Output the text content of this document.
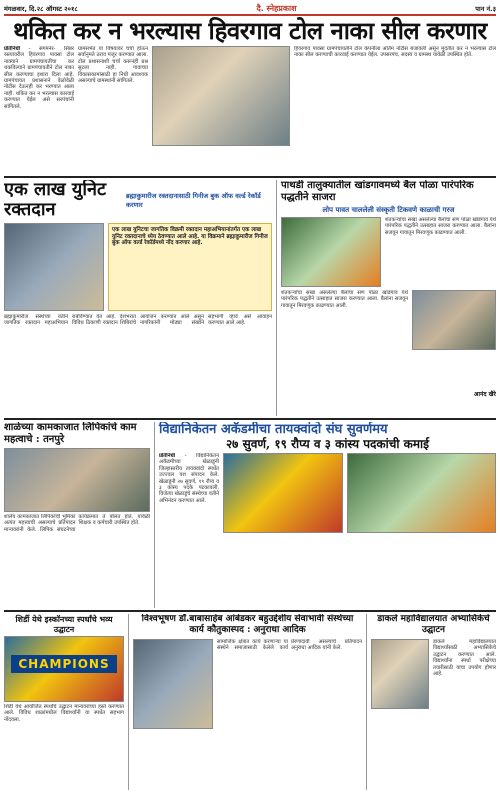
मंगळवार, दि.२८ ऑगस्ट २०१८	दै. स्नेहप्रकाश	पान नं.३
थकित कर न भरल्यास हिवरगाव टोल नाका सील करणार
प्रतिनिधी - संगमनेर- सिन्नर रस्त्यावरील हिवरगाव पावसा टोल नाक्याने ग्रामपंचायतीचा कर थकविल्याने ग्रामपंचायतीने टोल नाका सील करण्याचा इशारा दिला आहे. ग्रामपंचायत प्रशासनाने वेळोवेळी नोटीस देऊनही कर भरण्यात आला नाही. थकित कर न भरल्यास कारवाई करण्यात येईल असे सरपंचांनी सांगितले.
ग्रामसभेत या विषयावर चर्चा होऊन सर्वानुमते ठराव मंजूर करण्यात आला. टोल प्रशासनाशी चर्चा करूनही प्रश्न सुटला नाही. गावाच्या विकासकामांसाठी हा निधी आवश्यक असल्याचे ग्रामस्थांनी सांगितले.
हिवरगाव पावसा ग्रामपंचायतीने टोल कंपनीला अंतिम नोटीस बजावली असून मुदतीत कर न भरल्यास टोल नाका सील करण्याची कारवाई करण्यात येईल. उपसरपंच, सदस्य व ग्रामस्थ यावेळी उपस्थित होते.
एक लाख युनिट रक्तदान
ब्रह्माकुमारीज रक्तदानासाठी गिनीज बुक ऑफ वर्ल्ड रेकॉर्ड करणार
एक लाख युनिटचा जागतिक विक्रमी रक्तदान महाअभियानांतर्गत एक लाख युनिट रक्तदानाचे ध्येय ठेवण्यात आले आहे. या विक्रमाने ब्रह्माकुमारीज गिनीज बुक ऑफ वर्ल्ड रेकॉर्डमध्ये नोंद करणार आहे.
ब्रह्माकुमारीज संस्थेच्या वतीने जागतिक रक्तदान महाअभियान राबविण्यात येत आहे. देशभरात विविध ठिकाणी रक्तदान शिबिरांचे आयोजन करण्यात आले असून नागरिकांनी मोठ्या संख्येने सहभागी व्हावे असे आवाहन करण्यात आले आहे.
पाथर्डी तालुक्यातील खांडगावमध्ये बैल पोळा पारंपरिक पद्धतीने साजरा
लोप पावत चाललेली संस्कृती टिकवणे काळाची गरज
शेतकऱ्यांचा सखा असलेल्या बैलांचा सण पोळा खांडगाव येथे पारंपरिक पद्धतीने उत्साहात साजरा करण्यात आला. बैलांना सजवून गावातून मिरवणूक काढण्यात आली.
शेतकऱ्यांचा सखा असलेल्या बैलांचा सण पोळा खांडगाव येथे पारंपरिक पद्धतीने उत्साहात साजरा करण्यात आला. बैलांना सजवून गावातून मिरवणूक काढण्यात आली.
आनंद खैरे
शाळेच्या कामकाजात लिपिकांचे काम महत्वाचे : तनपुरे
शालेय कामकाजात लिपिकांची भूमिका अत्यंत महत्त्वाची असल्याचे प्रतिपादन मान्यवरांनी केले. लिपिक संघटनेच्या कार्यक्रमात ते बोलत होते. यावेळी शिक्षक व कर्मचारी उपस्थित होते.
विद्यानिकेतन अकॅडमीचा तायक्वांदो संघ सुवर्णमय
२७ सुवर्ण, १९ रौप्य व ३ कांस्य पदकांची कमाई
प्रतिनिधी - विद्यानिकेतन अकॅडमीच्या खेळाडूंनी जिल्हास्तरीय तायक्वांदो स्पर्धेत उज्ज्वल यश संपादन केले. खेळाडूंनी २७ सुवर्ण, १९ रौप्य व ३ कांस्य पदके पटकावली. विजेत्या खेळाडूंचे संस्थेच्या वतीने अभिनंदन करण्यात आले.
शिर्डी येथे इस्कॉनच्या स्पर्धांचे भव्य उद्घाटन
CHAMPIONS
शिर्डी येथे आयोजित स्पर्धांचे उद्घाटन मान्यवरांच्या हस्ते करण्यात आले. विविध शाळांमधील विद्यार्थ्यांनी या स्पर्धेत सहभाग नोंदवला.
विश्वभूषण डॉ.बाबासाहेब आंबेडकर बहुउद्देशीय सेवाभावी संस्थेच्या कार्य कौतुकास्पद : अनुराधा आदिक
सामाजिक क्षेत्रात कार्य करणाऱ्या या संस्थेने समाजासाठी केलेले कार्य प्रेरणादायी असल्याचे प्रतिपादन अनुराधा आदिक यांनी केले.
डाकले महाविद्यालयात अभ्यासिकेचे उद्घाटन
डाकले महाविद्यालयात विद्यार्थ्यांसाठी अभ्यासिकेचे उद्घाटन करण्यात आले. विद्यार्थ्यांना स्पर्धा परीक्षेच्या तयारीसाठी याचा उपयोग होणार आहे.
